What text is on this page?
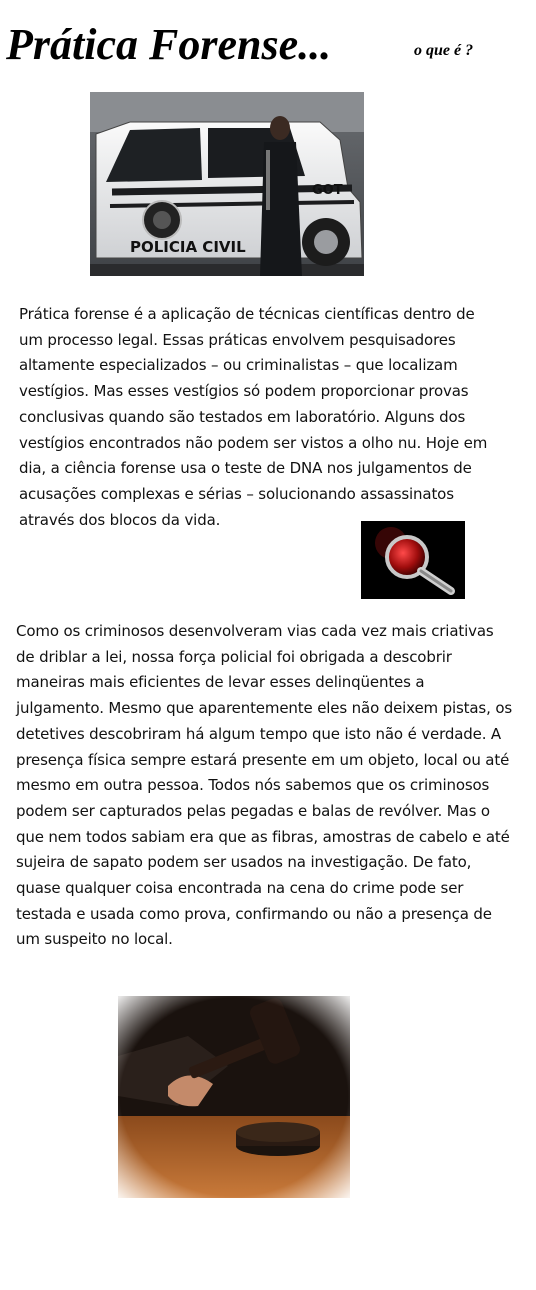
Prática Forense...	o que é ?
POLICIA CIVIL
GOT

Prática forense é a aplicação de técnicas científicas dentro de um processo legal. Essas práticas envolvem pesquisadores altamente especializados – ou criminalistas – que localizam vestígios. Mas esses vestígios só podem proporcionar provas conclusivas quando são testados em laboratório. Alguns dos vestígios encontrados não podem ser vistos a olho nu. Hoje em dia, a ciência forense usa o teste de DNA nos julgamentos de acusações complexas e sérias – solucionando assassinatos através dos blocos da vida.

Como os criminosos desenvolveram vias cada vez mais criativas de driblar a lei, nossa força policial foi obrigada a descobrir maneiras mais eficientes de levar esses delinqüentes a julgamento. Mesmo que aparentemente eles não deixem pistas, os detetives descobriram há algum tempo que isto não é verdade. A presença física sempre estará presente em um objeto, local ou até mesmo em outra pessoa. Todos nós sabemos que os criminosos podem ser capturados pelas pegadas e balas de revólver. Mas o que nem todos sabiam era que as fibras, amostras de cabelo e até sujeira de sapato podem ser usados na investigação. De fato, quase qualquer coisa encontrada na cena do crime pode ser testada e usada como prova, confirmando ou não a presença de um suspeito no local.
